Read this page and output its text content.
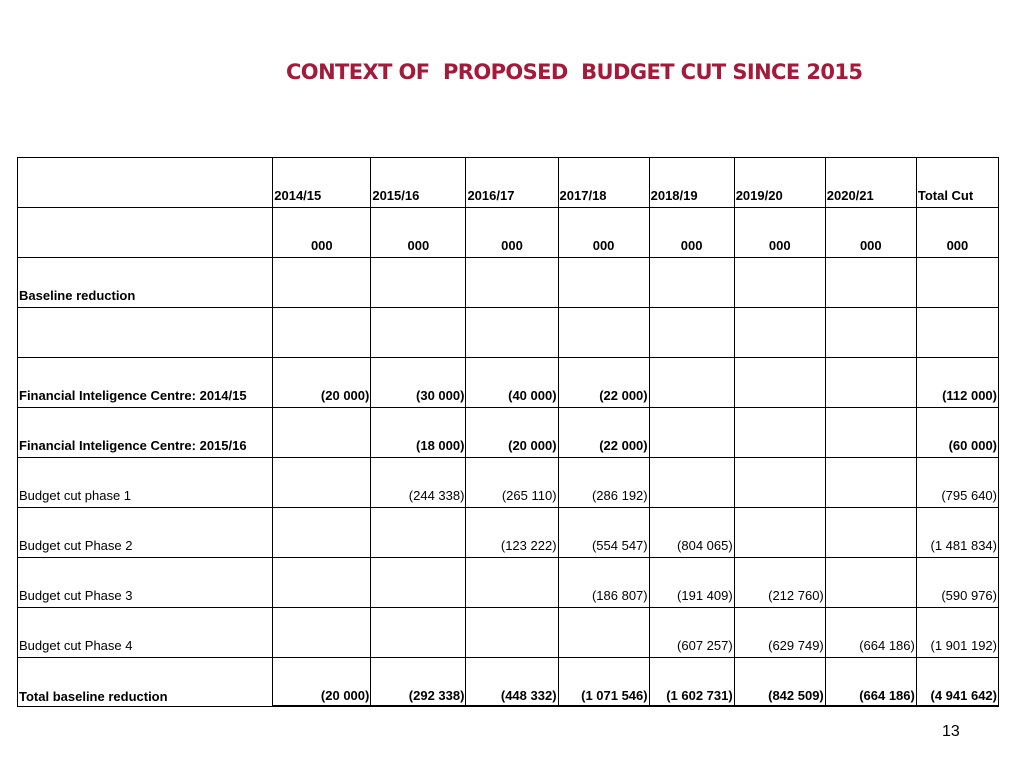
CONTEXT OF  PROPOSED  BUDGET CUT SINCE 2015
	2014/15	2015/16	2016/17	2017/18	2018/19	2019/20	2020/21	Total Cut
	000	000	000	000	000	000	000	000
Baseline reduction								

Financial Inteligence Centre: 2014/15	(20 000)	(30 000)	(40 000)	(22 000)				(112 000)
Financial Inteligence Centre: 2015/16		(18 000)	(20 000)	(22 000)				(60 000)
Budget cut phase 1		(244 338)	(265 110)	(286 192)				(795 640)
Budget cut Phase 2			(123 222)	(554 547)	(804 065)			(1 481 834)
Budget cut Phase 3				(186 807)	(191 409)	(212 760)		(590 976)
Budget cut Phase 4					(607 257)	(629 749)	(664 186)	(1 901 192)
Total baseline reduction	(20 000)	(292 338)	(448 332)	(1 071 546)	(1 602 731)	(842 509)	(664 186)	(4 941 642)
13
